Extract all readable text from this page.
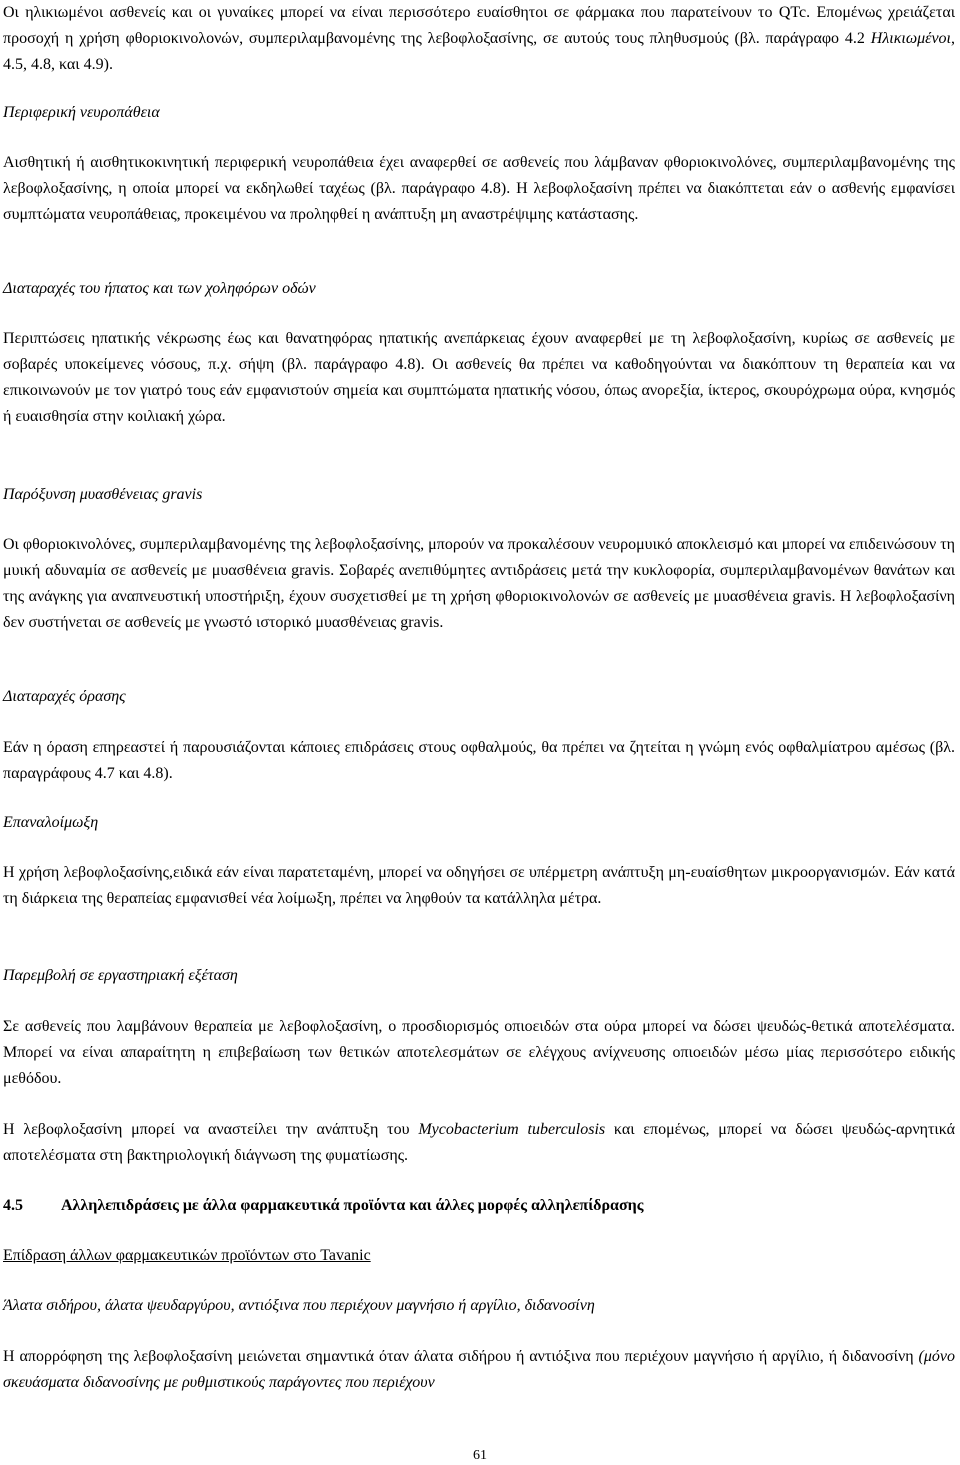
Οι ηλικιωμένοι ασθενείς και οι γυναίκες μπορεί να είναι περισσότερο ευαίσθητοι σε φάρμακα που παρατείνουν το QTc. Επομένως χρειάζεται προσοχή η χρήση φθοριοκινολονών, συμπεριλαμβανομένης της λεβοφλοξασίνης, σε αυτούς τους πληθυσμούς (βλ. παράγραφο 4.2 Ηλικιωμένοι, 4.5, 4.8, και 4.9).

Περιφερική νευροπάθεια

Αισθητική ή αισθητικοκινητική περιφερική νευροπάθεια έχει αναφερθεί σε ασθενείς που λάμβαναν φθοριοκινολόνες, συμπεριλαμβανομένης της λεβοφλοξασίνης, η οποία μπορεί να εκδηλωθεί ταχέως (βλ. παράγραφο 4.8). Η λεβοφλοξασίνη πρέπει να διακόπτεται εάν ο ασθενής εμφανίσει συμπτώματα νευροπάθειας, προκειμένου να προληφθεί η ανάπτυξη μη αναστρέψιμης κατάστασης.

Διαταραχές του ήπατος και των χοληφόρων οδών

Περιπτώσεις ηπατικής νέκρωσης έως και θανατηφόρας ηπατικής ανεπάρκειας έχουν αναφερθεί με τη λεβοφλοξασίνη, κυρίως σε ασθενείς με σοβαρές υποκείμενες νόσους, π.χ. σήψη (βλ. παράγραφο 4.8). Οι ασθενείς θα πρέπει να καθοδηγούνται να διακόπτουν τη θεραπεία και να επικοινωνούν με τον γιατρό τους εάν εμφανιστούν σημεία και συμπτώματα ηπατικής νόσου, όπως ανορεξία, ίκτερος, σκουρόχρωμα ούρα, κνησμός ή ευαισθησία στην κοιλιακή χώρα.

Παρόξυνση μυασθένειας gravis

Οι φθοριοκινολόνες, συμπεριλαμβανομένης της λεβοφλοξασίνης, μπορούν να προκαλέσουν νευρομυικό αποκλεισμό και μπορεί να επιδεινώσουν τη μυική αδυναμία σε ασθενείς με μυασθένεια gravis. Σοβαρές ανεπιθύμητες αντιδράσεις μετά την κυκλοφορία, συμπεριλαμβανομένων θανάτων και της ανάγκης για αναπνευστική υποστήριξη, έχουν συσχετισθεί με τη χρήση φθοριοκινολονών σε ασθενείς με μυασθένεια gravis. Η λεβοφλοξασίνη δεν συστήνεται σε ασθενείς με γνωστό ιστορικό μυασθένειας gravis.

Διαταραχές όρασης

Εάν η όραση επηρεαστεί ή παρουσιάζονται κάποιες επιδράσεις στους οφθαλμούς, θα πρέπει να ζητείται η γνώμη ενός οφθαλμίατρου αμέσως (βλ. παραγράφους 4.7 και 4.8).

Επαναλοίμωξη

Η χρήση λεβοφλοξασίνης,ειδικά εάν είναι παρατεταμένη, μπορεί να οδηγήσει σε υπέρμετρη ανάπτυξη μη-ευαίσθητων μικροοργανισμών. Εάν κατά τη διάρκεια της θεραπείας εμφανισθεί νέα λοίμωξη, πρέπει να ληφθούν τα κατάλληλα μέτρα.

Παρεμβολή σε εργαστηριακή εξέταση

Σε ασθενείς που λαμβάνουν θεραπεία με λεβοφλοξασίνη, ο προσδιορισμός οπιοειδών στα ούρα μπορεί να δώσει ψευδώς-θετικά αποτελέσματα. Μπορεί να είναι απαραίτητη η επιβεβαίωση των θετικών αποτελεσμάτων σε ελέγχους ανίχνευσης οπιοειδών μέσω μίας περισσότερο ειδικής μεθόδου.

Η λεβοφλοξασίνη μπορεί να αναστείλει την ανάπτυξη του Mycobacterium tuberculosis και επομένως, μπορεί να δώσει ψευδώς-αρνητικά αποτελέσματα στη βακτηριολογική διάγνωση της φυματίωσης.

4.5 Αλληλεπιδράσεις με άλλα φαρμακευτικά προϊόντα και άλλες μορφές αλληλεπίδρασης

Επίδραση άλλων φαρμακευτικών προϊόντων στο Tavanic

Άλατα σιδήρου, άλατα ψευδαργύρου, αντιόξινα που περιέχουν μαγνήσιο ή αργίλιο, διδανοσίνη

Η απορρόφηση της λεβοφλοξασίνη μειώνεται σημαντικά όταν άλατα σιδήρου ή αντιόξινα που περιέχουν μαγνήσιο ή αργίλιο, ή διδανοσίνη (μόνο σκευάσματα διδανοσίνης με ρυθμιστικούς παράγοντες που περιέχουν

61
